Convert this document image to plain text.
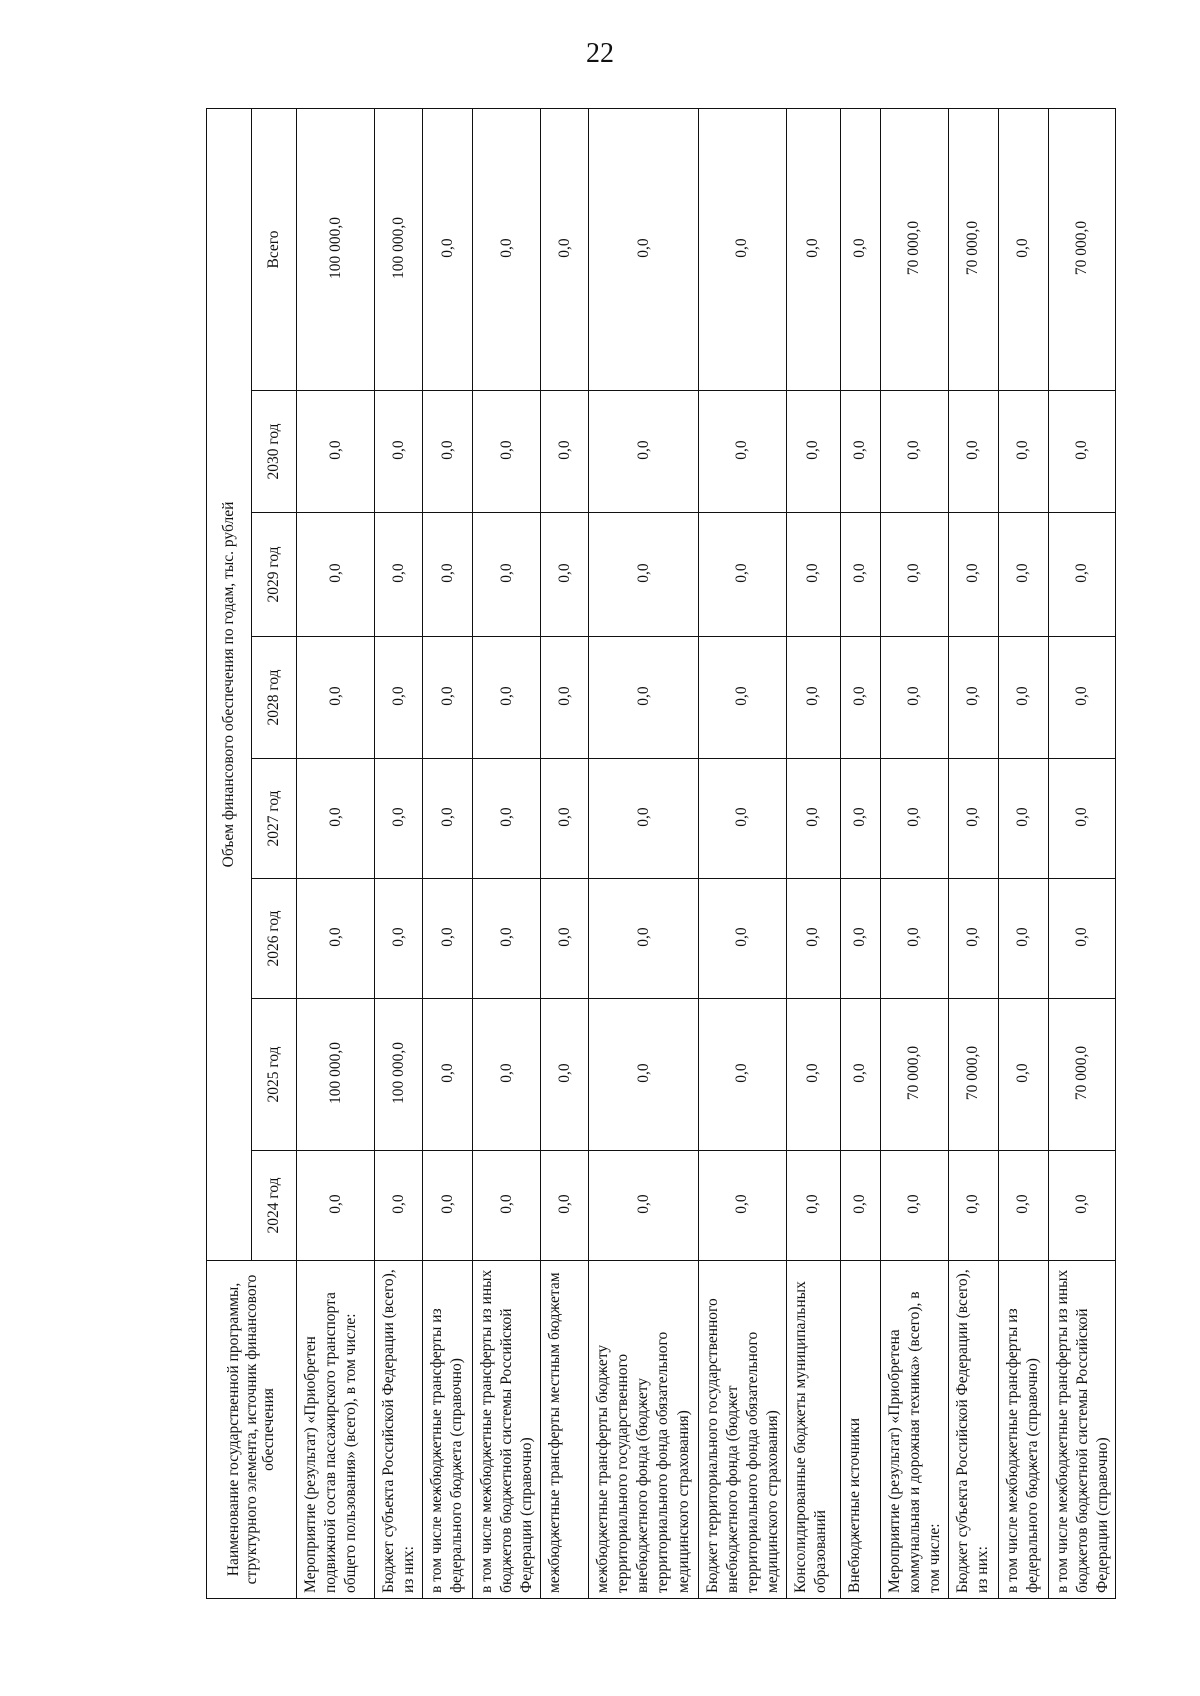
22
Наименование государственной программы, структурного элемента, источник финансового обеспечения	Объем финансового обеспечения по годам, тыс. рублей							
	2024 год	2025 год	2026 год	2027 год	2028 год	2029 год	2030 год	Всего
Мероприятие (результат) «Приобретен подвижной состав пассажирского транспорта общего пользования» (всего), в том числе:	0,0	100 000,0	0,0	0,0	0,0	0,0	0,0	100 000,0
Бюджет субъекта Российской Федерации (всего), из них:	0,0	100 000,0	0,0	0,0	0,0	0,0	0,0	100 000,0
в том числе межбюджетные трансферты из федерального бюджета (справочно)	0,0	0,0	0,0	0,0	0,0	0,0	0,0	0,0
в том числе межбюджетные трансферты из иных бюджетов бюджетной системы Российской Федерации (справочно)	0,0	0,0	0,0	0,0	0,0	0,0	0,0	0,0
межбюджетные трансферты местным бюджетам	0,0	0,0	0,0	0,0	0,0	0,0	0,0	0,0
межбюджетные трансферты бюджету территориального государственного внебюджетного фонда (бюджету территориального фонда обязательного медицинского страхования)	0,0	0,0	0,0	0,0	0,0	0,0	0,0	0,0
Бюджет территориального государственного внебюджетного фонда (бюджет территориального фонда обязательного медицинского страхования)	0,0	0,0	0,0	0,0	0,0	0,0	0,0	0,0
Консолидированные бюджеты муниципальных образований	0,0	0,0	0,0	0,0	0,0	0,0	0,0	0,0
Внебюджетные источники	0,0	0,0	0,0	0,0	0,0	0,0	0,0	0,0
Мероприятие (результат) «Приобретена коммунальная и дорожная техника» (всего), в том числе:	0,0	70 000,0	0,0	0,0	0,0	0,0	0,0	70 000,0
Бюджет субъекта Российской Федерации (всего), из них:	0,0	70 000,0	0,0	0,0	0,0	0,0	0,0	70 000,0
в том числе межбюджетные трансферты из федерального бюджета (справочно)	0,0	0,0	0,0	0,0	0,0	0,0	0,0	0,0
в том числе межбюджетные трансферты из иных бюджетов бюджетной системы Российской Федерации (справочно)	0,0	70 000,0	0,0	0,0	0,0	0,0	0,0	70 000,0
